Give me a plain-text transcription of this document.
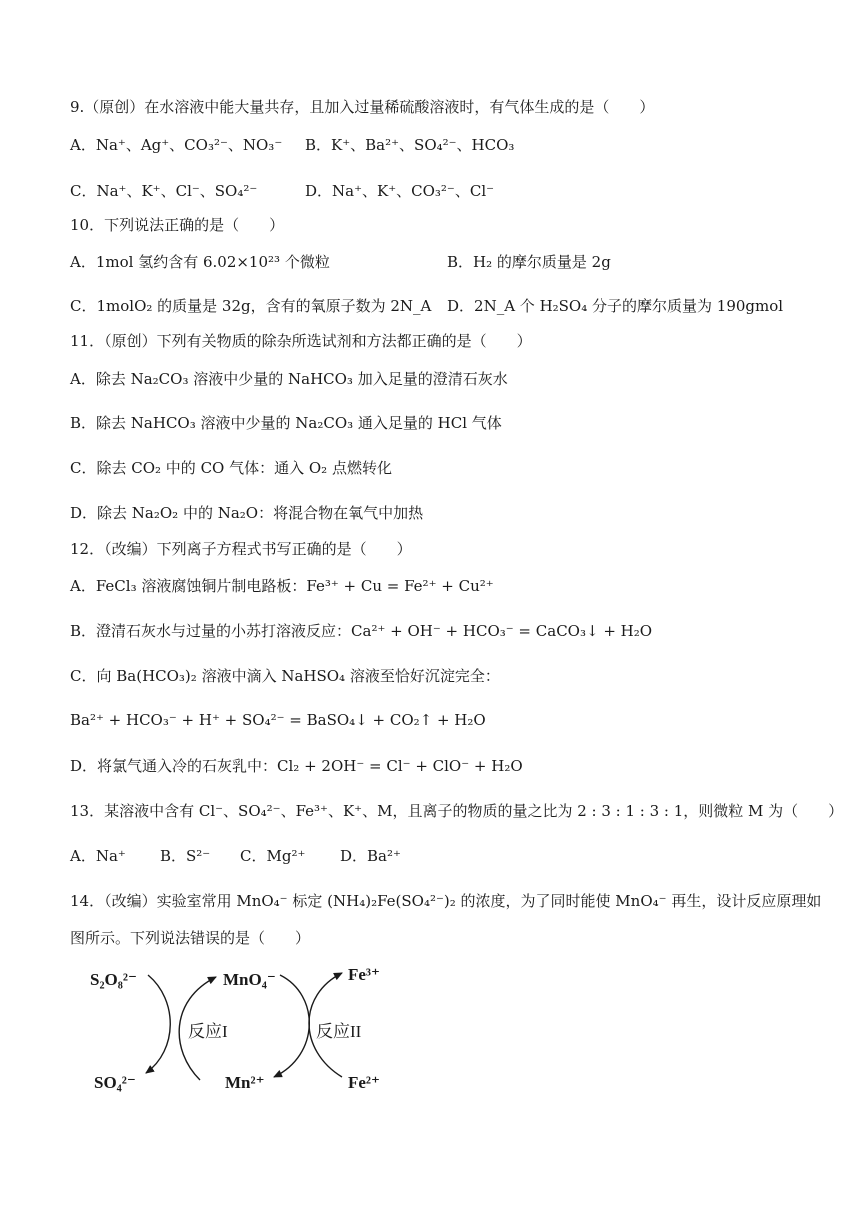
9.（原创）在水溶液中能大量共存，且加入过量稀硫酸溶液时，有气体生成的是（　　）
A．Na⁺、Ag⁺、CO₃²⁻、NO₃⁻ B．K⁺、Ba²⁺、SO₄²⁻、HCO₃
C．Na⁺、K⁺、Cl⁻、SO₄²⁻	D．Na⁺、K⁺、CO₃²⁻、Cl⁻
10．下列说法正确的是（　　）
A．1mol 氢约含有 6.02×10²³ 个微粒	B．H₂ 的摩尔质量是 2g
C．1molO₂ 的质量是 32g，含有的氧原子数为 2N_A D．2N_A 个 H₂SO₄ 分子的摩尔质量为 190gmol
11．（原创）下列有关物质的除杂所选试剂和方法都正确的是（　　）
A．除去 Na₂CO₃ 溶液中少量的 NaHCO₃ 加入足量的澄清石灰水
B．除去 NaHCO₃ 溶液中少量的 Na₂CO₃ 通入足量的 HCl 气体
C．除去 CO₂ 中的 CO 气体：通入 O₂ 点燃转化
D．除去 Na₂O₂ 中的 Na₂O：将混合物在氧气中加热
12．（改编）下列离子方程式书写正确的是（　　）
A．FeCl₃ 溶液腐蚀铜片制电路板：Fe³⁺ + Cu = Fe²⁺ + Cu²⁺
B．澄清石灰水与过量的小苏打溶液反应：Ca²⁺ + OH⁻ + HCO₃⁻ = CaCO₃↓ + H₂O
C．向 Ba(HCO₃)₂ 溶液中滴入 NaHSO₄ 溶液至恰好沉淀完全：
Ba²⁺ + HCO₃⁻ + H⁺ + SO₄²⁻ = BaSO₄↓ + CO₂↑ + H₂O
D．将氯气通入冷的石灰乳中：Cl₂ + 2OH⁻ = Cl⁻ + ClO⁻ + H₂O
13．某溶液中含有 Cl⁻、SO₄²⁻、Fe³⁺、K⁺、M，且离子的物质的量之比为 2 : 3 : 1 : 3 : 1，则微粒 M 为（　　）
A．Na⁺ B．S²⁻ C．Mg²⁺ D．Ba²⁺
14．（改编）实验室常用 MnO₄⁻ 标定 (NH₄)₂Fe(SO₄²⁻)₂ 的浓度，为了同时能使 MnO₄⁻ 再生，设计反应原理如
图所示。下列说法错误的是（　　）
S₂O₈²⁻
SO₄²⁻
MnO₄⁻
Mn²⁺
Fe³⁺
Fe²⁺
反应I	反应II
